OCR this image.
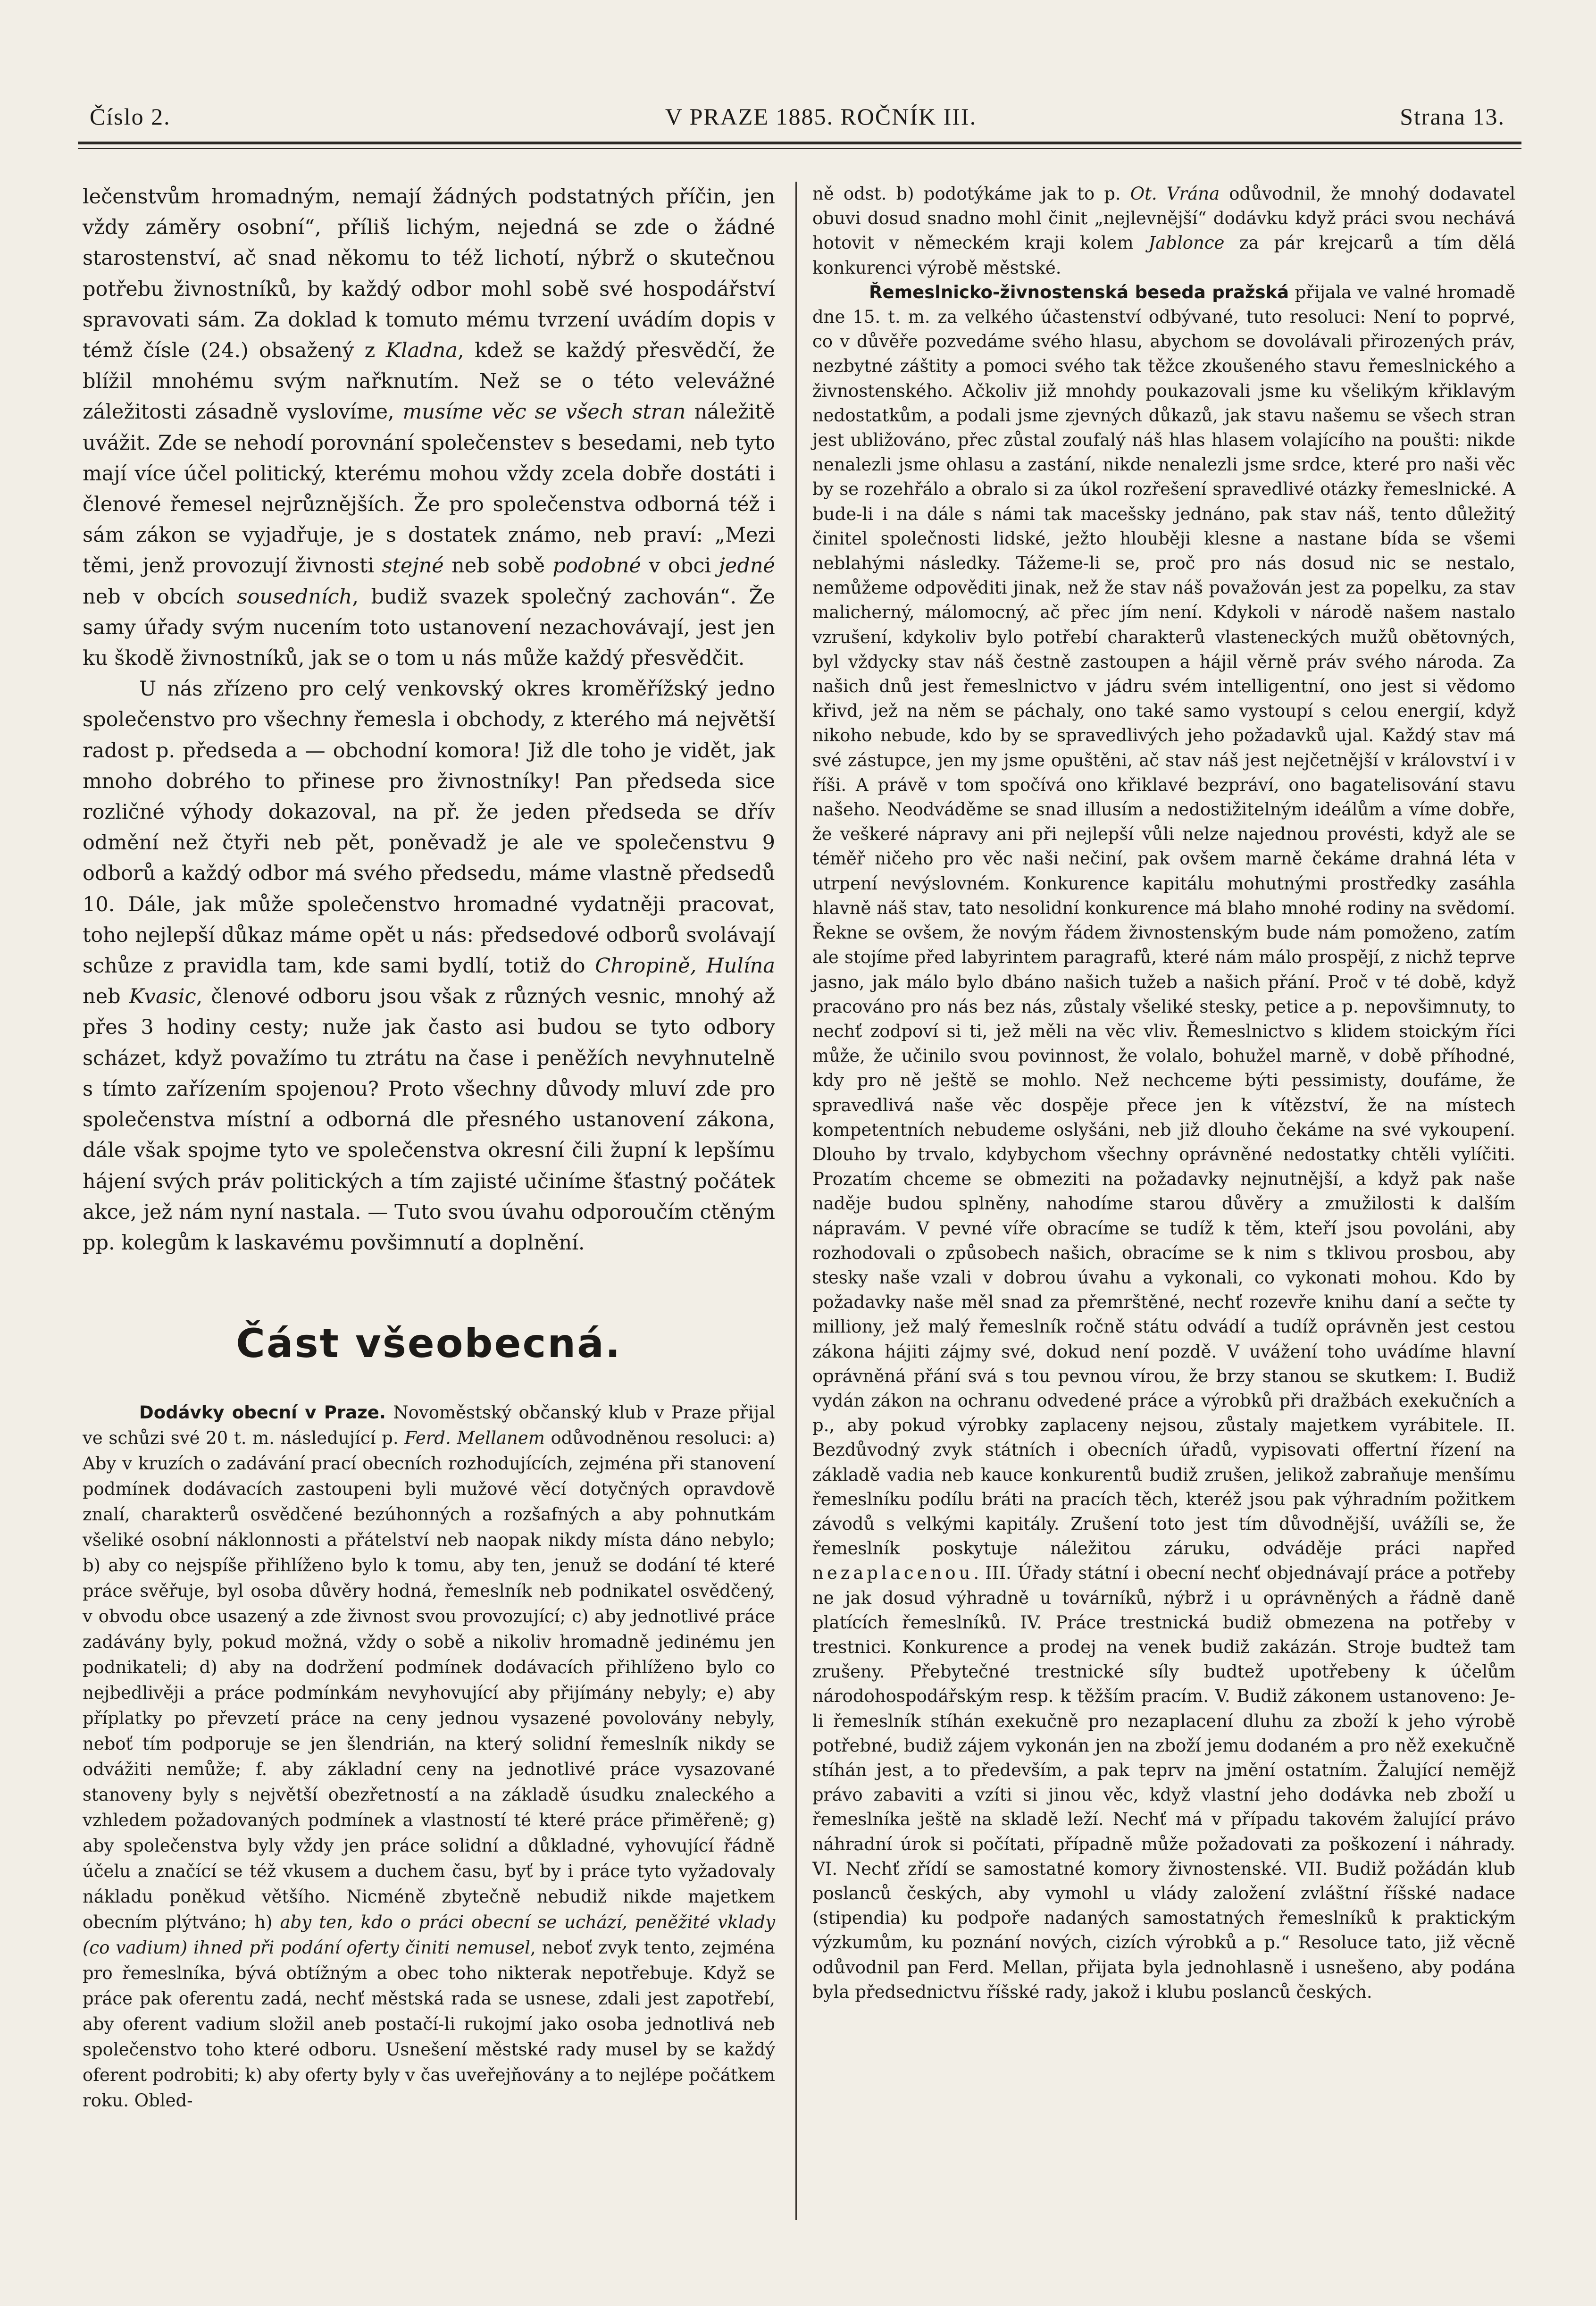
Číslo 2.	V PRAZE 1885. ROČNÍK III.	Strana 13.

lečenstvům hromadným, nemají žádných podstatných příčin, jen vždy záměry osobní“, příliš lichým, nejedná se zde o žádné starostenství, ač snad někomu to též lichotí, nýbrž o skutečnou potřebu živnostníků, by každý odbor mohl sobě své hospodářství spravovati sám. Za doklad k tomuto mému tvrzení uvádím dopis v témž čísle (24.) obsažený z Kladna, kdež se každý přesvědčí, že blížil mnohému svým nařknutím. Než se o této velevážné záležitosti zásadně vyslovíme, musíme věc se všech stran náležitě uvážit. Zde se nehodí porovnání společenstev s besedami, neb tyto mají více účel politický, kterému mohou vždy zcela dobře dostáti i členové řemesel nejrůznějších. Že pro společenstva odborná též i sám zákon se vyjadřuje, je s dostatek známo, neb praví: „Mezi těmi, jenž provozují živnosti stejné neb sobě podobné v obci jedné neb v obcích sousedních, budiž svazek společný zachován“. Že samy úřady svým nucením toto ustanovení nezachovávají, jest jen ku škodě živnostníků, jak se o tom u nás může každý přesvědčit.

U nás zřízeno pro celý venkovský okres kroměřížský jedno společenstvo pro všechny řemesla i obchody, z kterého má největší radost p. předseda a — obchodní komora! Již dle toho je vidět, jak mnoho dobrého to přinese pro živnostníky! Pan předseda sice rozličné výhody dokazoval, na př. že jeden předseda se dřív odmění než čtyři neb pět, poněvadž je ale ve společenstvu 9 odborů a každý odbor má svého předsedu, máme vlastně předsedů 10. Dále, jak může společenstvo hromadné vydatněji pracovat, toho nejlepší důkaz máme opět u nás: předsedové odborů svolávají schůze z pravidla tam, kde sami bydlí, totiž do Chropině, Hulína neb Kvasic, členové odboru jsou však z různých vesnic, mnohý až přes 3 hodiny cesty; nuže jak často asi budou se tyto odbory scházet, když považímo tu ztrátu na čase i peněžích nevyhnutelně s tímto zařízením spojenou? Proto všechny důvody mluví zde pro společenstva místní a odborná dle přesného ustanovení zákona, dále však spojme tyto ve společenstva okresní čili župní k lepšímu hájení svých práv politických a tím zajisté učiníme šťastný počátek akce, jež nám nyní nastala. — Tuto svou úvahu odporoučím ctěným pp. kolegům k laskavému povšimnutí a doplnění.

Část všeobecná.

Dodávky obecní v Praze. Novoměstský občanský klub v Praze přijal ve schůzi své 20 t. m. následující p. Ferd. Mellanem odůvodněnou resoluci: a) Aby v kruzích o zadávání prací obecních rozhodujících, zejména při stanovení podmínek dodávacích zastoupeni byli mužové věcí dotyčných opravdově znalí, charakterů osvědčené bezúhonných a rozšafných a aby pohnutkám všeliké osobní náklonnosti a přátelství neb naopak nikdy místa dáno nebylo; b) aby co nejspíše přihlíženo bylo k tomu, aby ten, jenuž se dodání té které práce svěřuje, byl osoba důvěry hodná, řemeslník neb podnikatel osvědčený, v obvodu obce usazený a zde živnost svou provozující; c) aby jednotlivé práce zadávány byly, pokud možná, vždy o sobě a nikoliv hromadně jedinému jen podnikateli; d) aby na dodržení podmínek dodávacích přihlíženo bylo co nejbedlivěji a práce podmínkám nevyhovující aby přijímány nebyly; e) aby příplatky po převzetí práce na ceny jednou vysazené povolovány nebyly, neboť tím podporuje se jen šlendrián, na který solidní řemeslník nikdy se odvážiti nemůže; f. aby základní ceny na jednotlivé práce vysazované stanoveny byly s největší obezřetností a na základě úsudku znaleckého a vzhledem požadovaných podmínek a vlastností té které práce přiměřeně; g) aby společenstva byly vždy jen práce solidní a důkladné, vyhovující řádně účelu a značící se též vkusem a duchem času, byť by i práce tyto vyžadovaly nákladu poněkud většího. Nicméně zbytečně nebudiž nikde majetkem obecním plýtváno; h) aby ten, kdo o práci obecní se uchází, peněžité vklady (co vadium) ihned při podání oferty činiti nemusel, neboť zvyk tento, zejména pro řemeslníka, bývá obtížným a obec toho nikterak nepotřebuje. Když se práce pak oferentu zadá, nechť městská rada se usnese, zdali jest zapotřebí, aby oferent vadium složil aneb postačí-li rukojmí jako osoba jednotlivá neb společenstvo toho které odboru. Usnešení městské rady musel by se každý oferent podrobiti; k) aby oferty byly v čas uveřejňovány a to nejlépe počátkem roku. Obled-

ně odst. b) podotýkáme jak to p. Ot. Vrána odůvodnil, že mnohý dodavatel obuvi dosud snadno mohl činit „nejlevnější“ dodávku když práci svou nechává hotovit v německém kraji kolem Jablonce za pár krejcarů a tím dělá konkurenci výrobě městské.

Řemeslnicko-živnostenská beseda pražská přijala ve valné hromadě dne 15. t. m. za velkého účastenství odbývané, tuto resoluci: Není to poprvé, co v důvěře pozvedáme svého hlasu, abychom se dovolávali přirozených práv, nezbytné záštity a pomoci svého tak těžce zkoušeného stavu řemeslnického a živnostenského. Ačkoliv již mnohdy poukazovali jsme ku všelikým křiklavým nedostatkům, a podali jsme zjevných důkazů, jak stavu našemu se všech stran jest ubližováno, přec zůstal zoufalý náš hlas hlasem volajícího na poušti: nikde nenalezli jsme ohlasu a zastání, nikde nenalezli jsme srdce, které pro naši věc by se rozehřálo a obralo si za úkol rozřešení spravedlivé otázky řemeslnické. A bude-li i na dále s námi tak macešsky jednáno, pak stav náš, tento důležitý činitel společnosti lidské, ježto hlouběji klesne a nastane bída se všemi neblahými následky. Tážeme-li se, proč pro nás dosud nic se nestalo, nemůžeme odpověditi jinak, než že stav náš považován jest za popelku, za stav malicherný, málomocný, ač přec jím není. Kdykoli v národě našem nastalo vzrušení, kdykoliv bylo potřebí charakterů vlasteneckých mužů obětovných, byl vždycky stav náš čestně zastoupen a hájil věrně práv svého národa. Za našich dnů jest řemeslnictvo v jádru svém intelligentní, ono jest si vědomo křivd, jež na něm se páchaly, ono také samo vystoupí s celou energií, když nikoho nebude, kdo by se spravedlivých jeho požadavků ujal. Každý stav má své zástupce, jen my jsme opuštěni, ač stav náš jest nejčetnější v království i v říši. A právě v tom spočívá ono křiklavé bezpráví, ono bagatelisování stavu našeho. Neodváděme se snad illusím a nedostižitelným ideálům a víme dobře, že veškeré nápravy ani při nejlepší vůli nelze najednou provésti, když ale se téměř ničeho pro věc naši nečiní, pak ovšem marně čekáme drahná léta v utrpení nevýslovném. Konkurence kapitálu mohutnými prostředky zasáhla hlavně náš stav, tato nesolidní konkurence má blaho mnohé rodiny na svědomí. Řekne se ovšem, že novým řádem živnostenským bude nám pomoženo, zatím ale stojíme před labyrintem paragrafů, které nám málo prospějí, z nichž teprve jasno, jak málo bylo dbáno našich tužeb a našich přání. Proč v té době, když pracováno pro nás bez nás, zůstaly všeliké stesky, petice a p. nepovšimnuty, to nechť zodpoví si ti, jež měli na věc vliv. Řemeslnictvo s klidem stoickým říci může, že učinilo svou povinnost, že volalo, bohužel marně, v době příhodné, kdy pro ně ještě se mohlo. Než nechceme býti pessimisty, doufáme, že spravedlivá naše věc dospěje přece jen k vítězství, že na místech kompetentních nebudeme oslyšáni, neb již dlouho čekáme na své vykoupení. Dlouho by trvalo, kdybychom všechny oprávněné nedostatky chtěli vylíčiti. Prozatím chceme se obmeziti na požadavky nejnutnější, a když pak naše naděje budou splněny, nahodíme starou důvěry a zmužilosti k dalším nápravám. V pevné víře obracíme se tudíž k těm, kteří jsou povoláni, aby rozhodovali o způsobech našich, obracíme se k nim s tklivou prosbou, aby stesky naše vzali v dobrou úvahu a vykonali, co vykonati mohou. Kdo by požadavky naše měl snad za přemrštěné, nechť rozevře knihu daní a sečte ty milliony, jež malý řemeslník ročně státu odvádí a tudíž oprávněn jest cestou zákona hájiti zájmy své, dokud není pozdě. V uvážení toho uvádíme hlavní oprávněná přání svá s tou pevnou vírou, že brzy stanou se skutkem: I. Budiž vydán zákon na ochranu odvedené práce a výrobků při dražbách exekučních a p., aby pokud výrobky zaplaceny nejsou, zůstaly majetkem vyrábitele. II. Bezdůvodný zvyk státních i obecních úřadů, vypisovati offertní řízení na základě vadia neb kauce konkurentů budiž zrušen, jelikož zabraňuje menšímu řemeslníku podílu bráti na pracích těch, kteréž jsou pak výhradním požitkem závodů s velkými kapitály. Zrušení toto jest tím důvodnější, uvážíli se, že řemeslník poskytuje náležitou záruku, odváděje práci napřed nezaplacenou. III. Úřady státní i obecní nechť objednávají práce a potřeby ne jak dosud výhradně u továrníků, nýbrž i u oprávněných a řádně daně platících řemeslníků. IV. Práce trestnická budiž obmezena na potřeby v trestnici. Konkurence a prodej na venek budiž zakázán. Stroje budtež tam zrušeny. Přebytečné trestnické síly budtež upotřebeny k účelům národohospodářským resp. k těžším pracím. V. Budiž zákonem ustanoveno: Je-li řemeslník stíhán exekučně pro nezaplacení dluhu za zboží k jeho výrobě potřebné, budiž zájem vykonán jen na zboží jemu dodaném a pro něž exekučně stíhán jest, a to především, a pak teprv na jmění ostatním. Žalující nemějž právo zabaviti a vzíti si jinou věc, když vlastní jeho dodávka neb zboží u řemeslníka ještě na skladě leží. Nechť má v případu takovém žalující právo náhradní úrok si počítati, případně může požadovati za poškození i náhrady. VI. Nechť zřídí se samostatné komory živnostenské. VII. Budiž požádán klub poslanců českých, aby vymohl u vlády založení zvláštní říšské nadace (stipendia) ku podpoře nadaných samostatných řemeslníků k praktickým výzkumům, ku poznání nových, cizích výrobků a p.“ Resoluce tato, již věcně odůvodnil pan Ferd. Mellan, přijata byla jednohlasně i usnešeno, aby podána byla předsednictvu říšské rady, jakož i klubu poslanců českých.
